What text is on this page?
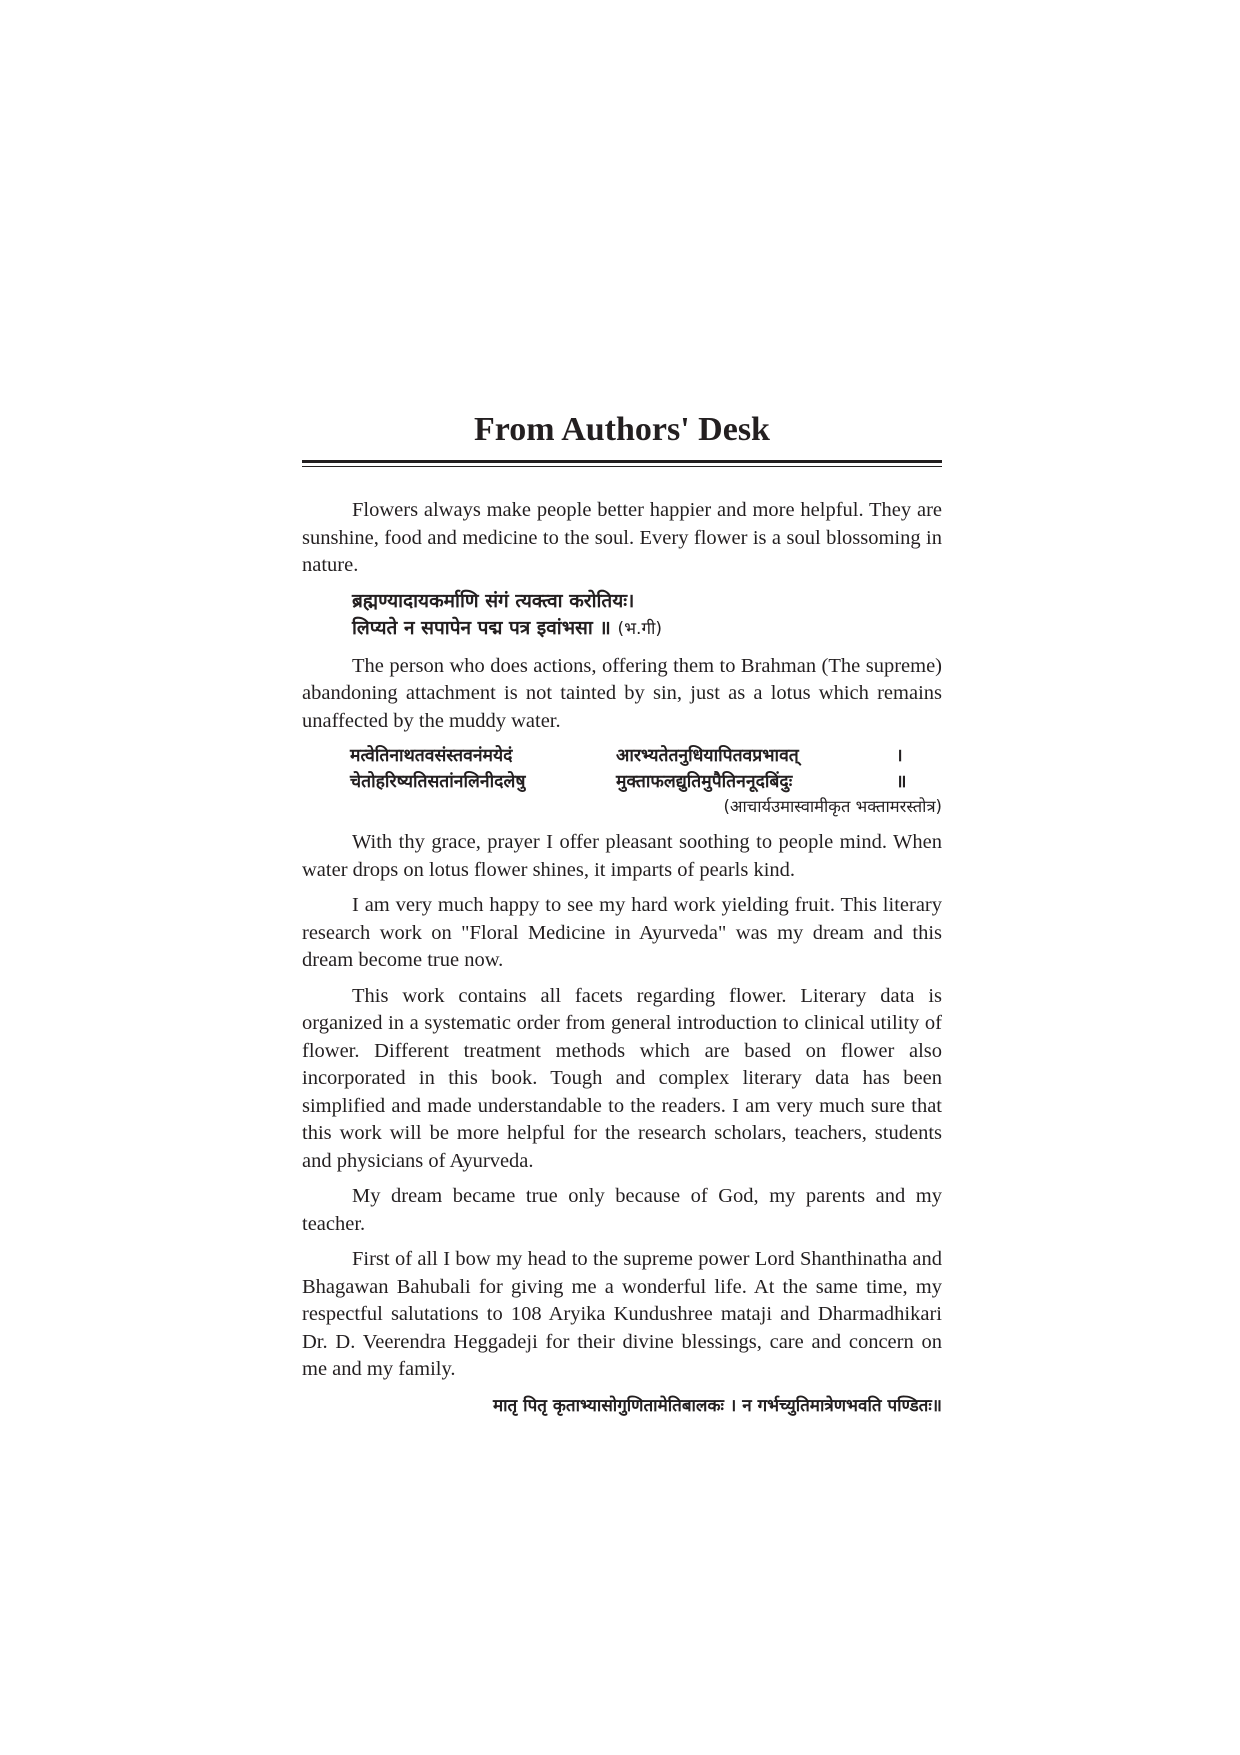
From Authors' Desk

Flowers always make people better happier and more helpful. They are sunshine, food and medicine to the soul. Every flower is a soul blossoming in nature.

ब्रह्मण्यादायकर्माणि संगं त्यक्त्वा करोतियः।
लिप्यते न सपापेन पद्म पत्र इवांभसा ॥ (भ.गी)

The person who does actions, offering them to Brahman (The supreme) abandoning attachment is not tainted by sin, just as a lotus which remains unaffected by the muddy water.

मत्वेतिनाथतवसंस्तवनंमयेदं	आरभ्यतेतनुधियापितवप्रभावत्	।
चेतोहरिष्यतिसतांनलिनीदलेषु	मुक्ताफलद्युतिमुपैतिननूदबिंदुः	॥
(आचार्यउमास्वामीकृत भक्तामरस्तोत्र)

With thy grace, prayer I offer pleasant soothing to people mind. When water drops on lotus flower shines, it imparts of pearls kind.

I am very much happy to see my hard work yielding fruit. This literary research work on "Floral Medicine in Ayurveda" was my dream and this dream become true now.

This work contains all facets regarding flower. Literary data is organized in a systematic order from general introduction to clinical utility of flower. Different treatment methods which are based on flower also incorporated in this book. Tough and complex literary data has been simplified and made understandable to the readers. I am very much sure that this work will be more helpful for the research scholars, teachers, students and physicians of Ayurveda.

My dream became true only because of God, my parents and my teacher.

First of all I bow my head to the supreme power Lord Shanthinatha and Bhagawan Bahubali for giving me a wonderful life. At the same time, my respectful salutations to 108 Aryika Kundushree mataji and Dharmadhikari Dr. D. Veerendra Heggadeji for their divine blessings, care and concern on me and my family.

मातृ पितृ कृताभ्यासोगुणितामेतिबालकः । न गर्भच्युतिमात्रेणभवति पण्डितः॥
